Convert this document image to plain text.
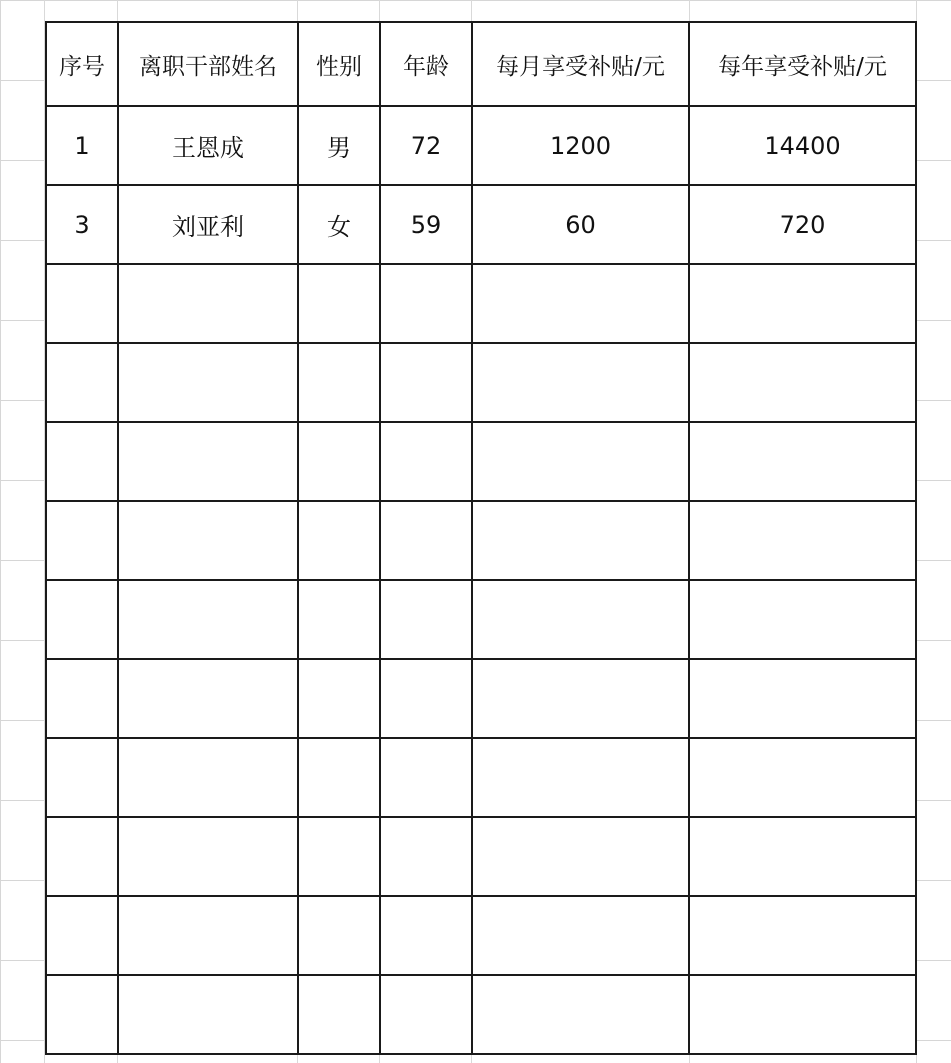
序号	离职干部姓名	性别	年龄	每月享受补贴/元	每年享受补贴/元
1	王恩成	男	72	1200	14400
3	刘亚利	女	59	60	720
